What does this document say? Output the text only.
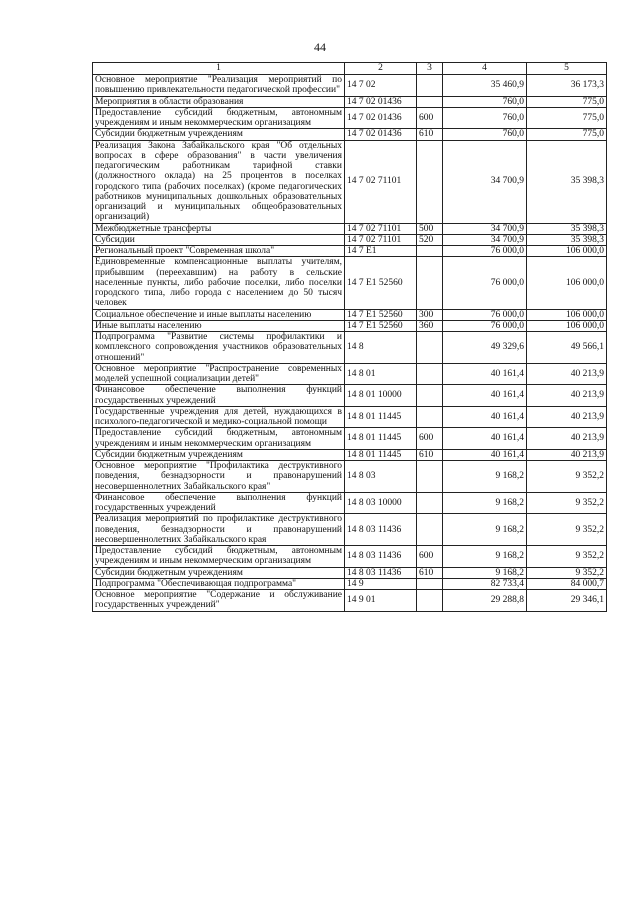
44
1	2	3	4	5
Основное мероприятие "Реализация мероприятий по повышению привлекательности педагогической профессии"	14 7 02		35 460,9	36 173,3
Мероприятия в области образования	14 7 02 01436		760,0	775,0
Предоставление субсидий бюджетным, автономным учреждениям и иным некоммерческим организациям	14 7 02 01436	600	760,0	775,0
Субсидии бюджетным учреждениям	14 7 02 01436	610	760,0	775,0
Реализация Закона Забайкальского края "Об отдельных вопросах в сфере образования" в части увеличения педагогическим работникам тарифной ставки (должностного оклада) на 25 процентов в поселках городского типа (рабочих поселках) (кроме педагогических работников муниципальных дошкольных образовательных организаций и муниципальных общеобразовательных организаций)	14 7 02 71101		34 700,9	35 398,3
Межбюджетные трансферты	14 7 02 71101	500	34 700,9	35 398,3
Субсидии	14 7 02 71101	520	34 700,9	35 398,3
Региональный проект "Современная школа"	14 7 E1		76 000,0	106 000,0
Единовременные компенсационные выплаты учителям, прибывшим (переехавшим) на работу в сельские населенные пункты, либо рабочие поселки, либо поселки городского типа, либо города с населением до 50 тысяч человек	14 7 E1 52560		76 000,0	106 000,0
Социальное обеспечение и иные выплаты населению	14 7 E1 52560	300	76 000,0	106 000,0
Иные выплаты населению	14 7 E1 52560	360	76 000,0	106 000,0
Подпрограмма "Развитие системы профилактики и комплексного сопровождения участников образовательных отношений"	14 8		49 329,6	49 566,1
Основное мероприятие "Распространение современных моделей успешной социализации детей"	14 8 01		40 161,4	40 213,9
Финансовое обеспечение выполнения функций государственных учреждений	14 8 01 10000		40 161,4	40 213,9
Государственные учреждения для детей, нуждающихся в психолого-педагогической и медико-социальной помощи	14 8 01 11445		40 161,4	40 213,9
Предоставление субсидий бюджетным, автономным учреждениям и иным некоммерческим организациям	14 8 01 11445	600	40 161,4	40 213,9
Субсидии бюджетным учреждениям	14 8 01 11445	610	40 161,4	40 213,9
Основное мероприятие "Профилактика деструктивного поведения, безнадзорности и правонарушений несовершеннолетних Забайкальского края"	14 8 03		9 168,2	9 352,2
Финансовое обеспечение выполнения функций государственных учреждений	14 8 03 10000		9 168,2	9 352,2
Реализация мероприятий по профилактике деструктивного поведения, безнадзорности и правонарушений несовершеннолетних Забайкальского края	14 8 03 11436		9 168,2	9 352,2
Предоставление субсидий бюджетным, автономным учреждениям и иным некоммерческим организациям	14 8 03 11436	600	9 168,2	9 352,2
Субсидии бюджетным учреждениям	14 8 03 11436	610	9 168,2	9 352,2
Подпрограмма "Обеспечивающая подпрограмма"	14 9		82 733,4	84 000,7
Основное мероприятие "Содержание и обслуживание государственных учреждений"	14 9 01		29 288,8	29 346,1
